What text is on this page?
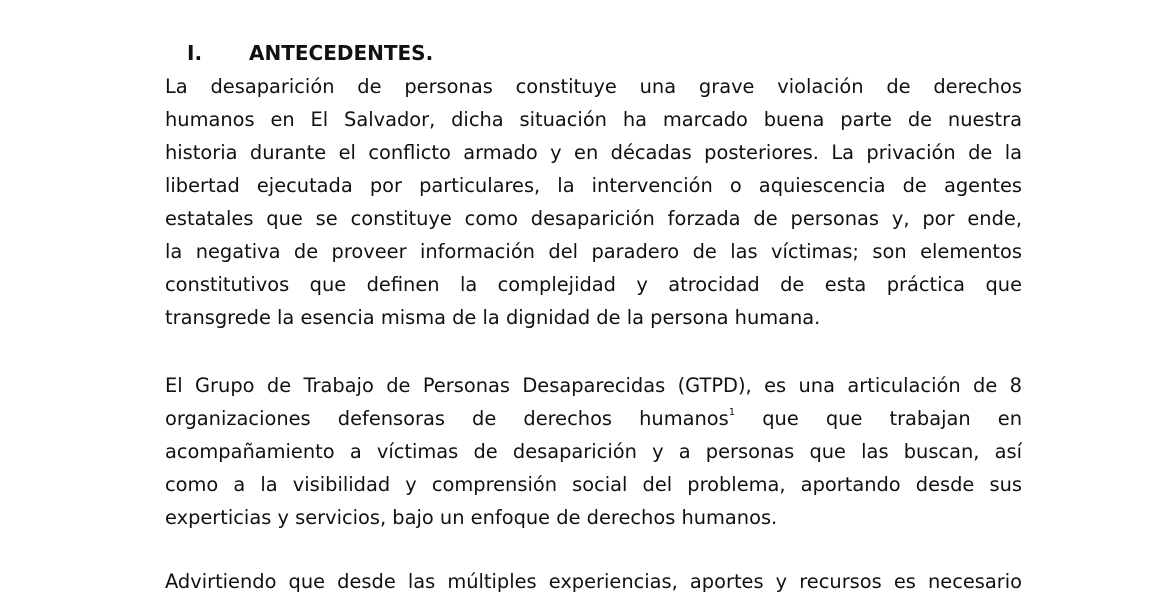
I.	ANTECEDENTES.
La desaparición de personas constituye una grave violación de derechos
humanos en El Salvador, dicha situación ha marcado buena parte de nuestra
historia durante el conflicto armado y en décadas posteriores. La privación de la
libertad ejecutada por particulares, la intervención o aquiescencia de agentes
estatales que se constituye como desaparición forzada de personas y, por ende,
la negativa de proveer información del paradero de las víctimas; son elementos
constitutivos que definen la complejidad y atrocidad de esta práctica que
transgrede la esencia misma de la dignidad de la persona humana.
El Grupo de Trabajo de Personas Desaparecidas (GTPD), es una articulación de 8
organizaciones defensoras de derechos humanos$^1$ que que trabajan en
acompañamiento a víctimas de desaparición y a personas que las buscan, así
como a la visibilidad y comprensión social del problema, aportando desde sus
experticias y servicios, bajo un enfoque de derechos humanos.
Advirtiendo que desde las múltiples experiencias, aportes y recursos es necesario
